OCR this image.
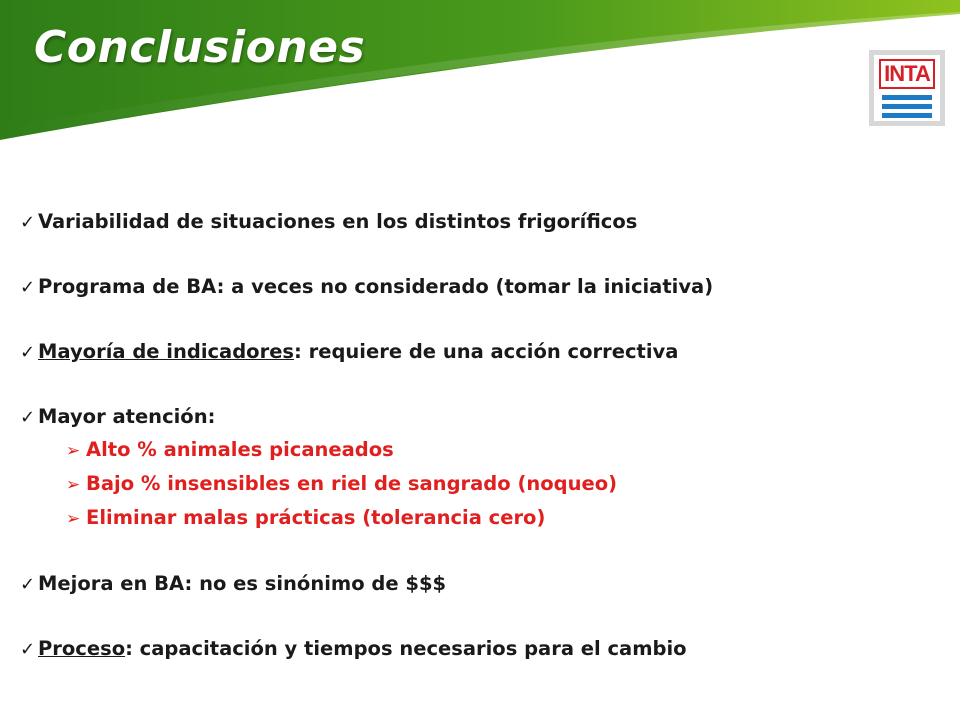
Conclusiones
INTA
✓ Variabilidad de situaciones en los distintos frigoríficos
✓ Programa de BA: a veces no considerado (tomar la iniciativa)
✓ Mayoría de indicadores: requiere de una acción correctiva
✓ Mayor atención:
➢ Alto % animales picaneados
➢ Bajo % insensibles en riel de sangrado (noqueo)
➢ Eliminar malas prácticas (tolerancia cero)
✓ Mejora en BA: no es sinónimo de $$$
✓ Proceso: capacitación y tiempos necesarios para el cambio
